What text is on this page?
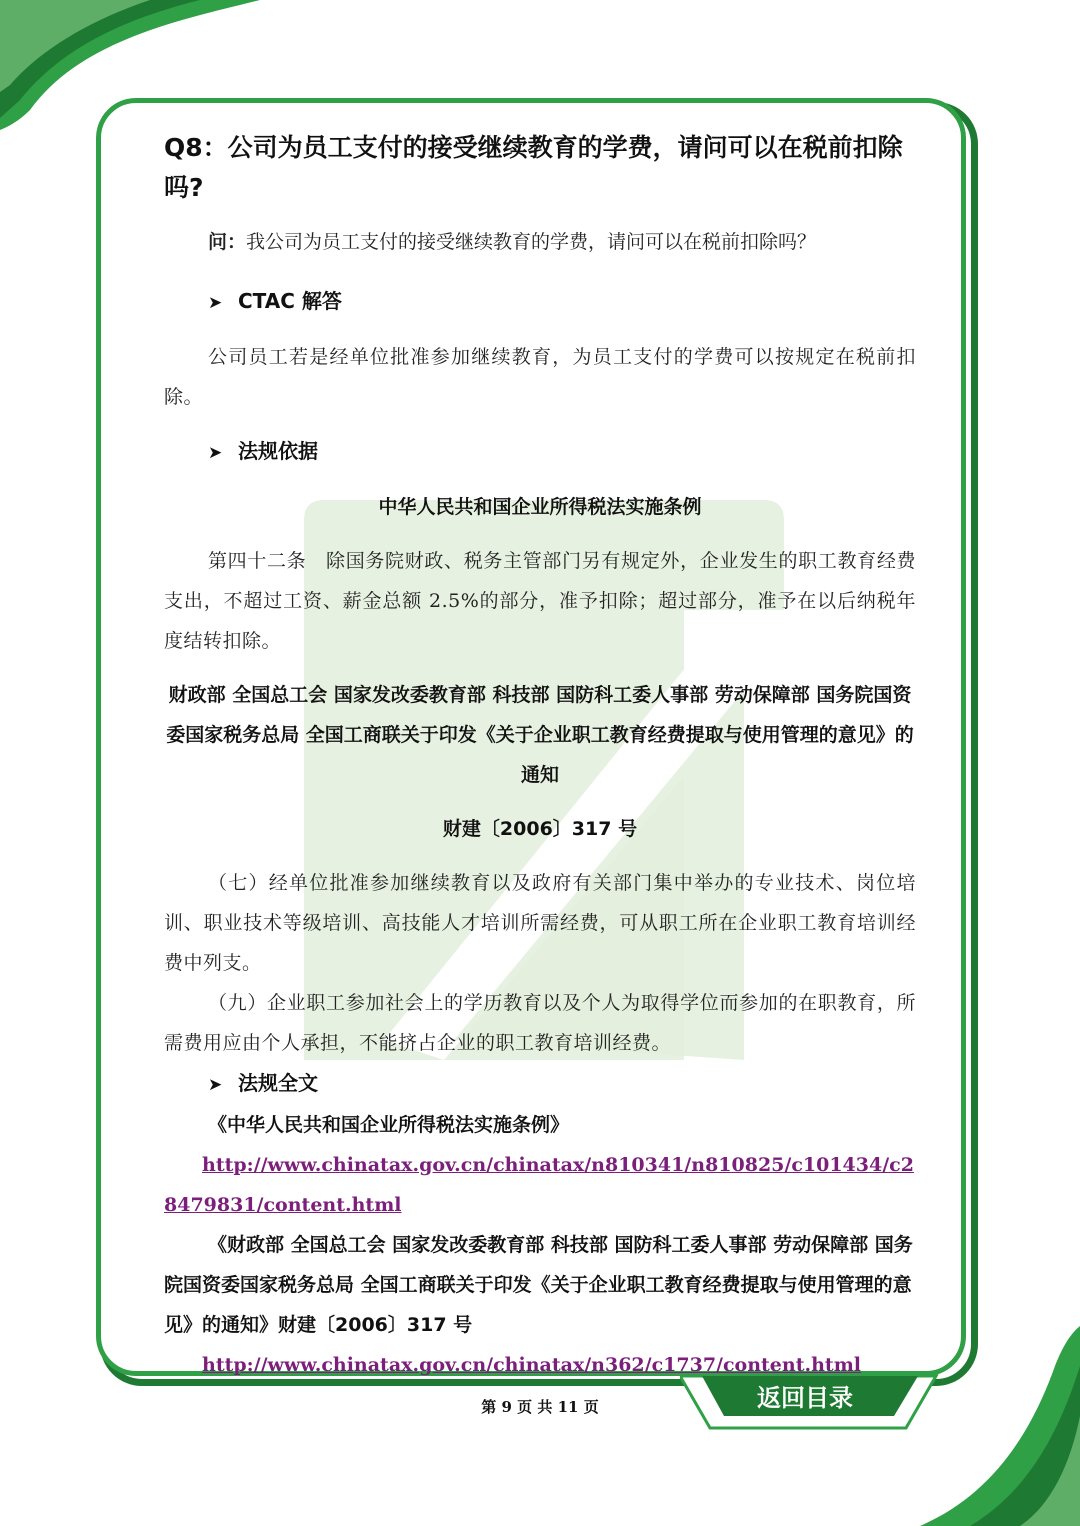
Q8：公司为员工支付的接受继续教育的学费，请问可以在税前扣除吗?

问：我公司为员工支付的接受继续教育的学费，请问可以在税前扣除吗？

➤ CTAC 解答

公司员工若是经单位批准参加继续教育，为员工支付的学费可以按规定在税前扣除。

➤ 法规依据

中华人民共和国企业所得税法实施条例

第四十二条　除国务院财政、税务主管部门另有规定外，企业发生的职工教育经费支出，不超过工资、薪金总额 2.5%的部分，准予扣除；超过部分，准予在以后纳税年度结转扣除。

财政部 全国总工会 国家发改委教育部 科技部 国防科工委人事部 劳动保障部 国务院国资委国家税务总局 全国工商联关于印发《关于企业职工教育经费提取与使用管理的意见》的通知

财建〔2006〕317 号

（七）经单位批准参加继续教育以及政府有关部门集中举办的专业技术、岗位培训、职业技术等级培训、高技能人才培训所需经费，可从职工所在企业职工教育培训经费中列支。

（九）企业职工参加社会上的学历教育以及个人为取得学位而参加的在职教育，所需费用应由个人承担，不能挤占企业的职工教育培训经费。

➤ 法规全文

《中华人民共和国企业所得税法实施条例》

http://www.chinatax.gov.cn/chinatax/n810341/n810825/c101434/c28479831/content.html

《财政部 全国总工会 国家发改委教育部 科技部 国防科工委人事部 劳动保障部 国务院国资委国家税务总局 全国工商联关于印发《关于企业职工教育经费提取与使用管理的意见》的通知》财建〔2006〕317 号

http://www.chinatax.gov.cn/chinatax/n362/c1737/content.html

返回目录
第 9 页 共 11 页
